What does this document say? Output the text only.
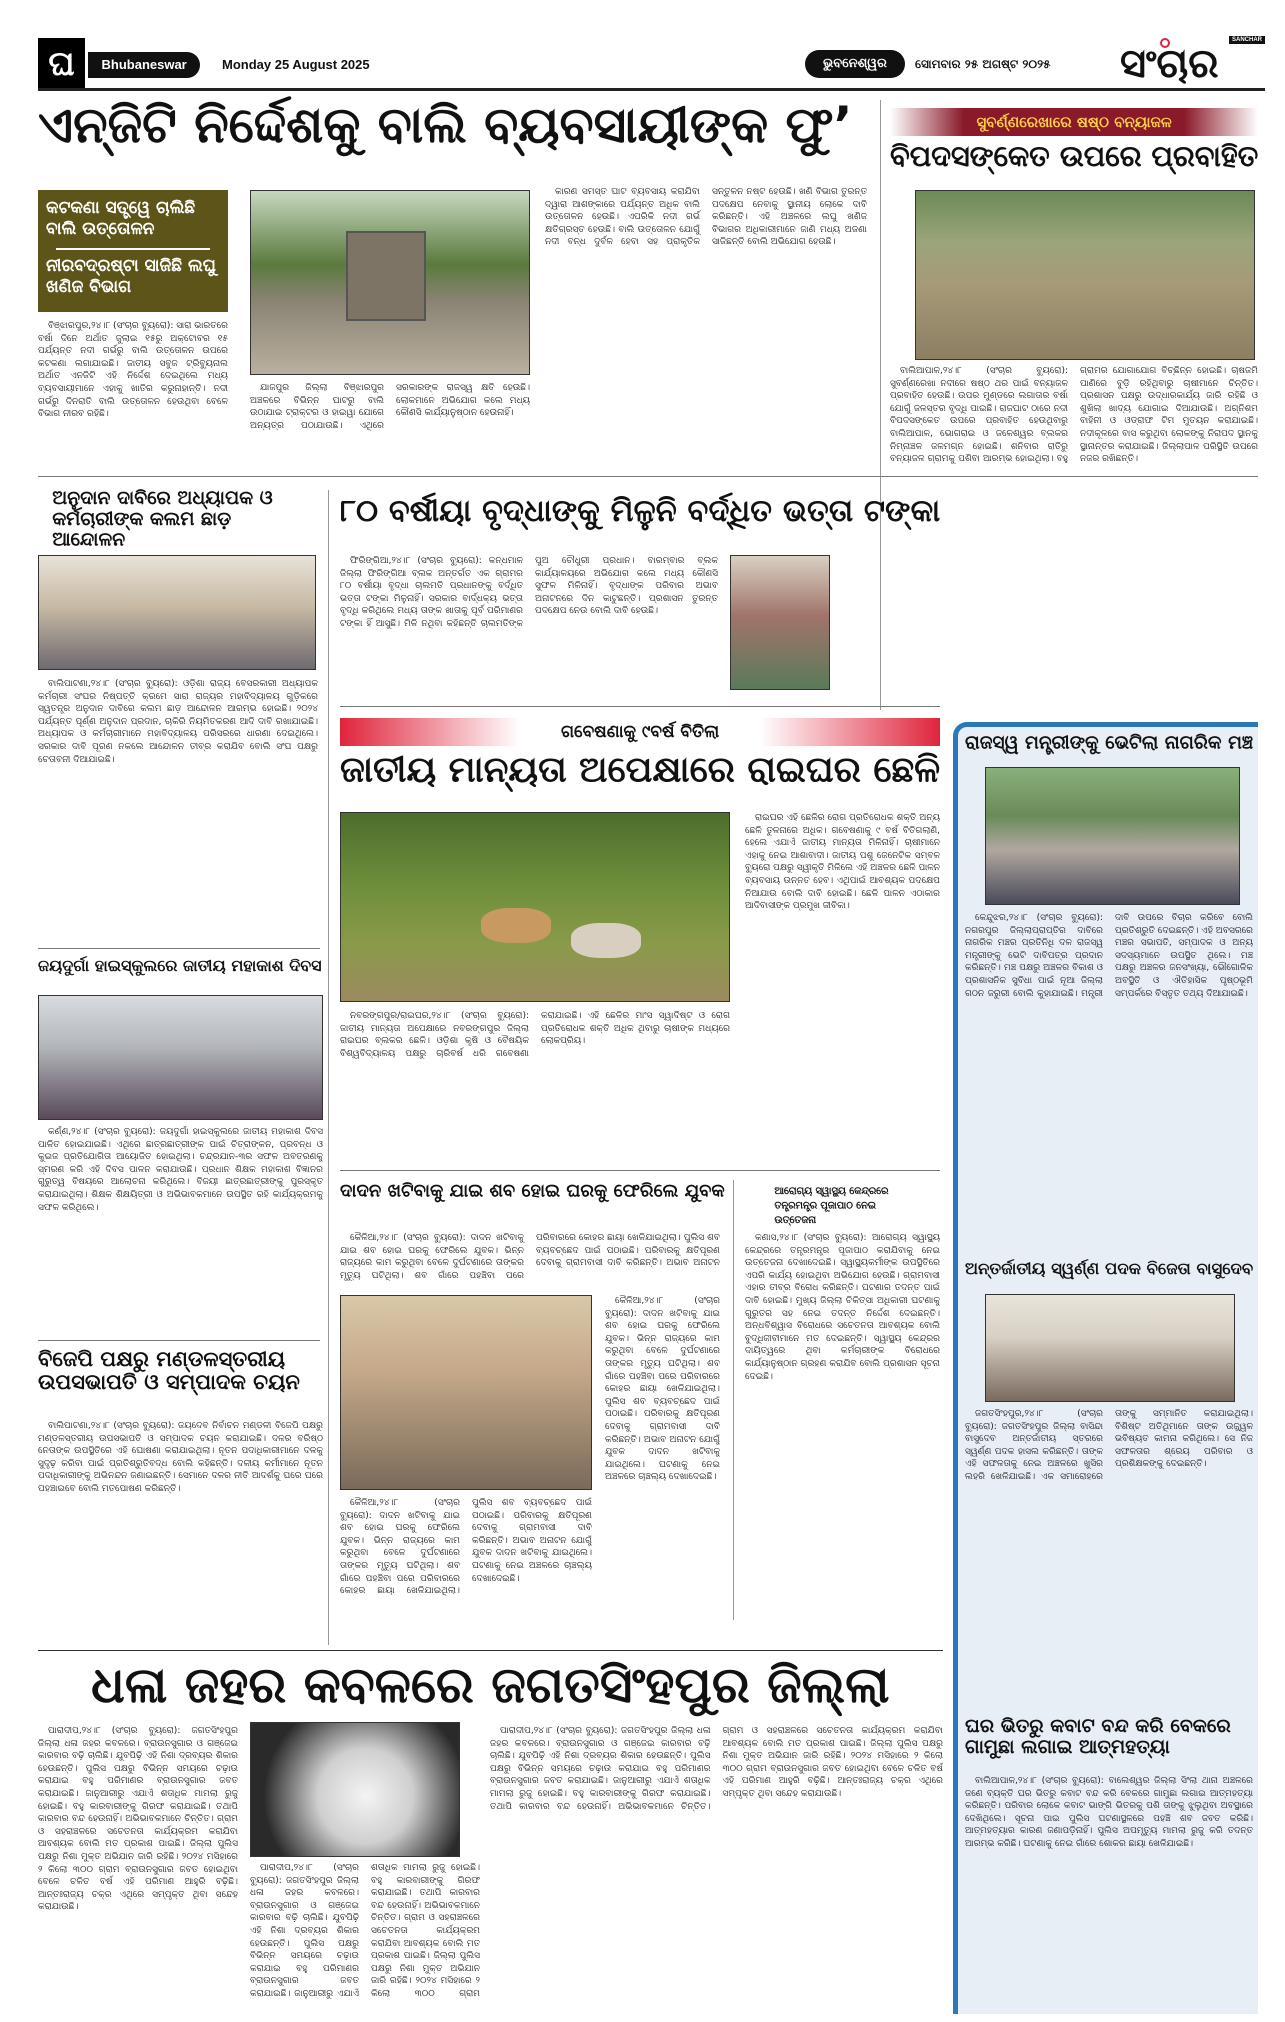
ଘ	Bhubaneswar	Monday 25 August 2025	ଭୁବନେଶ୍ୱର	ସୋମବାର ୨୫ ଅଗଷ୍ଟ ୨୦୨୫
SANCHAR
ସଂଚାର
ଏନ୍‌ଜିଟି ନିର୍ଦ୍ଦେଶକୁ ବାଲି ବ୍ୟବସାୟୀଙ୍କ ଫୁ’
କଟକଣା ସତ୍ତ୍ୱେ ଚାଲିଛି ବାଲି ଉତ୍ତୋଳନ
ନୀରବଦ୍ରଷ୍ଟା ସାଜିଛି ଲଘୁ ଖଣିଜ ବିଭାଗ

ବିଞ୍ଝାରପୁର,୨୪।୮ (ସଂଚାର ବ୍ୟୁରୋ): ସାରା ଭାରତରେ ବର୍ଷା ଦିନେ ଅର୍ଥାତ ଜୁଲାଇ ୧୫ରୁ ଅକ୍ଟୋବର ୧୫ ପର୍ଯ୍ୟନ୍ତ ନଦୀ ଗର୍ଭରୁ ବାଲି ଉତ୍ତୋଳନ ଉପରେ କଟକଣା ଲଗାଯାଇଛି। ଜାତୀୟ ସବୁଜ ଟ୍ରିବ୍ୟୁନାଲ ଅର୍ଥାତ ଏନଜିଟି ଏହି ନିର୍ଦ୍ଦେଶ ଦେଇଥିଲେ ମଧ୍ୟ ବ୍ୟବସାୟୀମାନେ ଏହାକୁ ଖାତିର କରୁନାହାନ୍ତି। ନଦୀ ଗର୍ଭରୁ ଦିନରାତି ବାଲି ଉତ୍ତୋଳନ ହେଉଥିବା ବେଳେ ବିଭାଗ ନୀରବ ରହିଛି।

ଯାଜପୁର ଜିଲ୍ଲା ବିଞ୍ଝାରପୁର ଅଞ୍ଚଳରେ ବିଭିନ୍ନ ଘାଟରୁ ବାଲି ଉଠାଯାଇ ଟ୍ରାକ୍ଟର ଓ ହାଇୱା ଯୋଗେ ଅନ୍ୟତ୍ର ପଠାଯାଉଛି। ଏଥିରେ ସରକାରଙ୍କ ରାଜସ୍ୱ କ୍ଷତି ହେଉଛି। ଲୋକମାନେ ଅଭିଯୋଗ କଲେ ମଧ୍ୟ କୌଣସି କାର୍ଯ୍ୟାନୁଷ୍ଠାନ ହେଉନାହିଁ।

କାରଣ ସମସ୍ତ ଘାଟ ବ୍ୟବସାୟ କରାଯିବା ଦ୍ୱାରା ଆଶଙ୍କାରେ ପର୍ଯ୍ୟନ୍ତ ଅଧିକ ବାଲି ଉତ୍ତୋଳନ ହେଉଛି। ଏପରିକି ନଦୀ ଗର୍ଭ କ୍ଷତିଗ୍ରସ୍ତ ହେଉଛି। ବାଲି ଉତ୍ତୋଳନ ଯୋଗୁଁ ନଦୀ ବନ୍ଧ ଦୁର୍ବଳ ହେବା ସହ ପ୍ରାକୃତିକ ସନ୍ତୁଳନ ନଷ୍ଟ ହେଉଛି। ଖଣି ବିଭାଗ ତୁରନ୍ତ ପଦକ୍ଷେପ ନେବାକୁ ସ୍ଥାନୀୟ ଲୋକେ ଦାବି କରିଛନ୍ତି। ଏହି ଅଞ୍ଚଳରେ ଲଘୁ ଖଣିଜ ବିଭାଗର ଅଧିକାରୀମାନେ ଜାଣି ମଧ୍ୟ ଅଜଣା ସାଜିଛନ୍ତି ବୋଲି ଅଭିଯୋଗ ହେଉଛି।

ସୁବର୍ଣ୍ଣରେଖାରେ ଷଷ୍ଠ ବନ୍ୟାଜଳ
ବିପଦସଙ୍କେତ ଉପରେ ପ୍ରବାହିତ

ବାଲିଆପାଳ,୨୪।୮ (ସଂଚାର ବ୍ୟୁରୋ): ସୁବର୍ଣ୍ଣରେଖା ନଦୀରେ ଷଷ୍ଠ ଥର ପାଇଁ ବନ୍ୟାଜଳ ପ୍ରବାହିତ ହେଉଛି। ଉପର ମୁଣ୍ଡରେ ଲଗାତାର ବର୍ଷା ଯୋଗୁଁ ଜଳସ୍ତର ବୃଦ୍ଧି ପାଇଛି। ରାଜଘାଟ ଠାରେ ନଦୀ ବିପଦସଙ୍କେତ ଉପରେ ପ୍ରବାହିତ ହେଉଥିବାରୁ ବାଲିଆପାଳ, ଭୋଗରାଇ ଓ ଜଳେଶ୍ୱର ବ୍ଲକର ନିମ୍ନାଞ୍ଚଳ ଜଳମଗ୍ନ ହୋଇଛି। ଶନିବାର ରାତିରୁ ବନ୍ୟାଜଳ ଗ୍ରାମକୁ ପଶିବା ଆରମ୍ଭ ହୋଇଥିଲା। ବହୁ ଗ୍ରାମର ଯୋଗାଯୋଗ ବିଚ୍ଛିନ୍ନ ହୋଇଛି। ଚାଷଜମି ପାଣିରେ ବୁଡ଼ି ରହିଥିବାରୁ ଚାଷୀମାନେ ଚିନ୍ତିତ। ପ୍ରଶାସନ ପକ୍ଷରୁ ଉଦ୍ଧାରକାର୍ଯ୍ୟ ଜାରି ରହିଛି ଓ ଶୁଖିଲା ଖାଦ୍ୟ ଯୋଗାଇ ଦିଆଯାଉଛି। ଅଗ୍ନିଶମ ବାହିନୀ ଓ ଓଡ୍ରାଫ ଟିମ ମୁତୟନ କରାଯାଇଛି। ନଦୀକୂଳରେ ବାସ କରୁଥିବା ଲୋକଙ୍କୁ ନିରାପଦ ସ୍ଥାନକୁ ସ୍ଥାନାନ୍ତର କରାଯାଇଛି। ଜିଲ୍ଲାପାଳ ପରିସ୍ଥିତି ଉପରେ ନଜର ରଖିଛନ୍ତି।

ଅନୁଦାନ ଦାବିରେ ଅଧ୍ୟାପକ ଓ କର୍ମଚାରୀଙ୍କ କଲମ ଛାଡ଼ ଆନ୍ଦୋଳନ

ବାଲିପାଟଣା,୨୪।୮ (ସଂଚାର ବ୍ୟୁରୋ): ଓଡ଼ିଶା ରାଜ୍ୟ ବେସରକାରୀ ଅଧ୍ୟାପକ କର୍ମଚାରୀ ସଂଘର ନିଷ୍ପତ୍ତି କ୍ରମେ ସାରା ରାଜ୍ୟର ମହାବିଦ୍ୟାଳୟ ଗୁଡ଼ିକରେ ସ୍ୱତନ୍ତ୍ର ଅନୁଦାନ ଦାବିରେ କଲମ ଛାଡ଼ ଆନ୍ଦୋଳନ ଆରମ୍ଭ ହୋଇଛି। ୨୦୨୪ ପର୍ଯ୍ୟନ୍ତ ପୂର୍ଣ୍ଣ ଅନୁଦାନ ପ୍ରଦାନ, ଚାକିରି ନିୟମିତକରଣ ଆଦି ଦାବି ରଖାଯାଇଛି। ଅଧ୍ୟାପକ ଓ କର୍ମଚାରୀମାନେ ମହାବିଦ୍ୟାଳୟ ପରିସରରେ ଧାରଣା ଦେଇଥିଲେ। ସରକାର ଦାବି ପୂରଣ ନକଲେ ଆନ୍ଦୋଳନ ତୀବ୍ର କରାଯିବ ବୋଲି ସଂଘ ପକ୍ଷରୁ ଚେତାବନୀ ଦିଆଯାଇଛି।

୮୦ ବର୍ଷୀୟା ବୃଦ୍ଧାଙ୍କୁ ମିଳୁନି ବର୍ଦ୍ଧିତ ଭତ୍ତା ଟଙ୍କା

ଫିରିଙ୍ଗିଆ,୨୪।୮ (ସଂଚାର ବ୍ୟୁରୋ): କନ୍ଧମାଳ ଜିଲ୍ଲା ଫିରିଙ୍ଗିଆ ବ୍ଲକ ଅନ୍ତର୍ଗତ ଏକ ଗ୍ରାମର ୮୦ ବର୍ଷୀୟା ବୃଦ୍ଧା ଚାଲମତି ପ୍ରଧାନଙ୍କୁ ବର୍ଦ୍ଧିତ ଭତ୍ତା ଟଙ୍କା ମିଳୁନାହିଁ। ସରକାର ବାର୍ଦ୍ଧକ୍ୟ ଭତ୍ତା ବୃଦ୍ଧି କରିଥିଲେ ମଧ୍ୟ ତାଙ୍କ ଖାତାକୁ ପୂର୍ବ ପରିମାଣର ଟଙ୍କା ହିଁ ଆସୁଛି। ମିଳି ନଥିବା କହିଛନ୍ତି ଚାଲମତିଙ୍କ ପୁଅ ଚୌଧୁରୀ ପ୍ରଧାନ। ବାରମ୍ବାର ବ୍ଲକ କାର୍ଯ୍ୟାଳୟରେ ଅଭିଯୋଗ କଲେ ମଧ୍ୟ କୌଣସି ସୁଫଳ ମିଳିନାହିଁ। ବୃଦ୍ଧାଙ୍କ ପରିବାର ଅଭାବ ଅନାଟନରେ ଦିନ କାଟୁଛନ୍ତି। ପ୍ରଶାସନ ତୁରନ୍ତ ପଦକ୍ଷେପ ନେଉ ବୋଲି ଦାବି ହେଉଛି।

ଗବେଷଣାକୁ ୯ବର୍ଷ ବିତିଲା
ଜାତୀୟ ମାନ୍ୟତା ଅପେକ୍ଷାରେ ରାଇଘର ଛେଳି

ନବରଙ୍ଗପୁର/ରାଇଘର,୨୪।୮ (ସଂଚାର ବ୍ୟୁରୋ): ଜାତୀୟ ମାନ୍ୟତା ଅପେକ୍ଷାରେ ନବରଙ୍ଗପୁର ଜିଲ୍ଲା ରାଇଘର ବ୍ଲକର ଛେଳି। ଓଡ଼ିଶା କୃଷି ଓ ବୈଷୟିକ ବିଶ୍ୱବିଦ୍ୟାଳୟ ପକ୍ଷରୁ ଚାରିବର୍ଷ ଧରି ଗବେଷଣା କରାଯାଇଛି। ଏହି ଛେଳିର ମାଂସ ସ୍ୱାଦିଷ୍ଟ ଓ ରୋଗ ପ୍ରତିରୋଧକ ଶକ୍ତି ଅଧିକ ଥିବାରୁ ଚାଷୀଙ୍କ ମଧ୍ୟରେ ଲୋକପ୍ରିୟ।

ରାଇଘର ଏହି ଛେଳିର ରୋଗ ପ୍ରତିରୋଧକ ଶକ୍ତି ଅନ୍ୟ ଛେଳି ତୁଳନାରେ ଅଧିକ। ଗବେଷଣାକୁ ୯ ବର୍ଷ ବିତିଗଲାଣି, ହେଲେ ଏଯାଏଁ ଜାତୀୟ ମାନ୍ୟତା ମିଳିନାହିଁ। ଚାଷୀମାନେ ଏହାକୁ ନେଇ ଆଶାବାଦୀ। ଜାତୀୟ ପଶୁ ଜେନେଟିକ ସମ୍ବଳ ବ୍ୟୁରୋ ପକ୍ଷରୁ ସ୍ୱୀକୃତି ମିଳିଲେ ଏହି ଅଞ୍ଚଳର ଛେଳି ପାଳନ ବ୍ୟବସାୟ ଉନ୍ନତ ହେବ। ଏଥିପାଇଁ ଆବଶ୍ୟକ ପଦକ୍ଷେପ ନିଆଯାଉ ବୋଲି ଦାବି ହୋଇଛି। ଛେଳି ପାଳନ ଏଠାକାର ଆଦିବାସୀଙ୍କ ପ୍ରମୁଖ ଜୀବିକା।

ରାଜସ୍ୱ ମନ୍ତ୍ରୀଙ୍କୁ ଭେଟିଲା ନାଗରିକ ମଞ୍ଚ

କେନ୍ଦୁଝର,୨୪।୮ (ସଂଚାର ବ୍ୟୁରୋ): ନଗରପୁର ଜିଲ୍ଲାପ୍ରାପ୍ତିର ଦାବିରେ ନାଗରିକ ମଞ୍ଚର ପ୍ରତିନିଧି ଦଳ ରାଜସ୍ୱ ମନ୍ତ୍ରୀଙ୍କୁ ଭେଟି ଦାବିପତ୍ର ପ୍ରଦାନ କରିଛନ୍ତି। ମଞ୍ଚ ପକ୍ଷରୁ ଅଞ୍ଚଳର ବିକାଶ ଓ ପ୍ରଶାସନିକ ସୁବିଧା ପାଇଁ ନୂଆ ଜିଲ୍ଲା ଗଠନ ଜରୁରୀ ବୋଲି କୁହାଯାଇଛି। ମନ୍ତ୍ରୀ ଦାବି ଉପରେ ବିଚାର କରିବେ ବୋଲି ପ୍ରତିଶ୍ରୁତି ଦେଇଛନ୍ତି। ଏହି ଅବସରରେ ମଞ୍ଚର ସଭାପତି, ସମ୍ପାଦକ ଓ ଅନ୍ୟ ସଦସ୍ୟମାନେ ଉପସ୍ଥିତ ଥିଲେ। ମଞ୍ଚ ପକ୍ଷରୁ ଅଞ୍ଚଳର ଜନସଂଖ୍ୟା, ଭୌଗୋଳିକ ଅବସ୍ଥିତି ଓ ଐତିହାସିକ ପୃଷ୍ଠଭୂମି ସମ୍ପର୍କରେ ବିସ୍ତୃତ ତଥ୍ୟ ଦିଆଯାଇଛି।

ଅନ୍ତର୍ଜାତୀୟ ସ୍ୱର୍ଣ୍ଣ ପଦକ ବିଜେତା ବାସୁଦେବ

ଜଗତସିଂହପୁର,୨୪।୮ (ସଂଚାର ବ୍ୟୁରୋ): ଜଗତସିଂହପୁର ଜିଲ୍ଲା ବାସିନ୍ଦା ବାସୁଦେବ ଅନ୍ତର୍ଜାତୀୟ ସ୍ତରରେ ସ୍ୱର୍ଣ୍ଣ ପଦକ ହାସଲ କରିଛନ୍ତି। ତାଙ୍କ ଏହି ସଫଳତାକୁ ନେଇ ଅଞ୍ଚଳରେ ଖୁସିର ଲହରି ଖେଳିଯାଇଛି। ଏକ ସମାରୋହରେ ତାଙ୍କୁ ସମ୍ମାନିତ କରାଯାଇଥିଲା। ବିଶିଷ୍ଟ ଅତିଥିମାନେ ତାଙ୍କ ଉଜ୍ଜ୍ୱଳ ଭବିଷ୍ୟତ କାମନା କରିଥିଲେ। ସେ ନିଜ ସଫଳତାର ଶ୍ରେୟ ପରିବାର ଓ ପ୍ରଶିକ୍ଷକଙ୍କୁ ଦେଇଛନ୍ତି।

ଘର ଭିତରୁ କବାଟ ବନ୍ଦ କରି ବେକରେ ଗାମୁଛା ଲଗାଇ ଆତ୍ମହତ୍ୟା

ବାଲିଆପାଳ,୨୪।୮ (ସଂଚାର ବ୍ୟୁରୋ): ବାଲେଶ୍ୱର ଜିଲ୍ଲା ସିଂଲା ଥାନା ଅଞ୍ଚଳରେ ଜଣେ ବ୍ୟକ୍ତି ଘର ଭିତରୁ କବାଟ ବନ୍ଦ କରି ବେକରେ ଗାମୁଛା ଲଗାଇ ଆତ୍ମହତ୍ୟା କରିଛନ୍ତି। ପରିବାର ଲୋକେ କବାଟ ଭାଙ୍ଗି ଭିତରକୁ ପଶି ତାଙ୍କୁ ଝୁଲୁଥିବା ଅବସ୍ଥାରେ ଦେଖିଥିଲେ। ସୂଚନା ପାଇ ପୁଲିସ ଘଟଣାସ୍ଥଳରେ ପହଞ୍ଚି ଶବ ଜବତ କରିଛି। ଆତ୍ମହତ୍ୟାର କାରଣ ଜଣାପଡ଼ିନାହିଁ। ପୁଲିସ ଅପମୃତ୍ୟୁ ମାମଲା ରୁଜୁ କରି ତଦନ୍ତ ଆରମ୍ଭ କରିଛି। ଘଟଣାକୁ ନେଇ ଗାଁରେ ଶୋକର ଛାୟା ଖେଳିଯାଇଛି।

ଜୟଦୁର୍ଗା ହାଇସ୍କୁଲରେ ଜାତୀୟ ମହାକାଶ ଦିବସ

କର୍ଣ୍ଣ,୨୪।୮ (ସଂଚାର ବ୍ୟୁରୋ): ଜୟଦୁର୍ଗା ହାଇସ୍କୁଲରେ ଜାତୀୟ ମହାକାଶ ଦିବସ ପାଳିତ ହୋଇଯାଇଛି। ଏଥିରେ ଛାତ୍ରଛାତ୍ରୀଙ୍କ ପାଇଁ ଚିତ୍ରାଙ୍କନ, ପ୍ରବନ୍ଧ ଓ କୁଇଜ ପ୍ରତିଯୋଗିତା ଆୟୋଜିତ ହୋଇଥିଲା। ଚନ୍ଦ୍ରଯାନ-୩ର ସଫଳ ଅବତରଣକୁ ସ୍ମରଣ କରି ଏହି ଦିବସ ପାଳନ କରାଯାଉଛି। ପ୍ରଧାନ ଶିକ୍ଷକ ମହାକାଶ ବିଜ୍ଞାନର ଗୁରୁତ୍ୱ ବିଷୟରେ ଆଲୋଚନା କରିଥିଲେ। ବିଜୟୀ ଛାତ୍ରଛାତ୍ରୀଙ୍କୁ ପୁରସ୍କୃତ କରାଯାଇଥିଲା। ଶିକ୍ଷକ ଶିକ୍ଷୟିତ୍ରୀ ଓ ଅଭିଭାବକମାନେ ଉପସ୍ଥିତ ରହି କାର୍ଯ୍ୟକ୍ରମକୁ ସଫଳ କରିଥିଲେ।

ବିଜେପି ପକ୍ଷରୁ ମଣ୍ଡଳସ୍ତରୀୟ ଉପସଭାପତି ଓ ସମ୍ପାଦକ ଚୟନ

ବାଲିପାଟଣା,୨୪।୮ (ସଂଚାର ବ୍ୟୁରୋ): ଜୟଦେବ ନିର୍ବାଚନ ମଣ୍ଡଳୀ ବିଜେପି ପକ୍ଷରୁ ମଣ୍ଡଳସ୍ତରୀୟ ଉପସଭାପତି ଓ ସମ୍ପାଦକ ଚୟନ କରାଯାଇଛି। ଦଳର ବରିଷ୍ଠ ନେତାଙ୍କ ଉପସ୍ଥିତିରେ ଏହି ଘୋଷଣା କରାଯାଇଥିଲା। ନୂତନ ପଦାଧିକାରୀମାନେ ଦଳକୁ ସୁଦୃଢ଼ କରିବା ପାଇଁ ପ୍ରତିଶ୍ରୁତିବଦ୍ଧ ବୋଲି କହିଛନ୍ତି। ଦଳୀୟ କର୍ମୀମାନେ ନୂତନ ପଦାଧିକାରୀଙ୍କୁ ଅଭିନନ୍ଦନ ଜଣାଇଛନ୍ତି। ସେମାନେ ଦଳର ନୀତି ଆଦର୍ଶକୁ ଘରେ ଘରେ ପହଞ୍ଚାଇବେ ବୋଲି ମତପୋଷଣ କରିଛନ୍ତି।

ଦାଦନ ଖଟିବାକୁ ଯାଇ ଶବ ହୋଇ ଘରକୁ ଫେରିଲେ ଯୁବକ

କୈଳିଆ,୨୪।୮ (ସଂଚାର ବ୍ୟୁରୋ): ଦାଦନ ଖଟିବାକୁ ଯାଇ ଶବ ହୋଇ ଘରକୁ ଫେରିଲେ ଯୁବକ। ଭିନ୍ନ ରାଜ୍ୟରେ କାମ କରୁଥିବା ବେଳେ ଦୁର୍ଘଟଣାରେ ତାଙ୍କର ମୃତ୍ୟୁ ଘଟିଥିଲା। ଶବ ଗାଁରେ ପହଞ୍ଚିବା ପରେ ପରିବାରରେ କୋହର ଛାୟା ଖେଳିଯାଇଥିଲା। ପୁଲିସ ଶବ ବ୍ୟବଚ୍ଛେଦ ପାଇଁ ପଠାଇଛି। ପରିବାରକୁ କ୍ଷତିପୂରଣ ଦେବାକୁ ଗ୍ରାମବାସୀ ଦାବି କରିଛନ୍ତି। ଅଭାବ ଅନାଟନ

କୈଳିଆ,୨୪।୮ (ସଂଚାର ବ୍ୟୁରୋ): ଦାଦନ ଖଟିବାକୁ ଯାଇ ଶବ ହୋଇ ଘରକୁ ଫେରିଲେ ଯୁବକ। ଭିନ୍ନ ରାଜ୍ୟରେ କାମ କରୁଥିବା ବେଳେ ଦୁର୍ଘଟଣାରେ ତାଙ୍କର ମୃତ୍ୟୁ ଘଟିଥିଲା। ଶବ ଗାଁରେ ପହଞ୍ଚିବା ପରେ ପରିବାରରେ କୋହର ଛାୟା ଖେଳିଯାଇଥିଲା। ପୁଲିସ ଶବ ବ୍ୟବଚ୍ଛେଦ ପାଇଁ ପଠାଇଛି। ପରିବାରକୁ କ୍ଷତିପୂରଣ ଦେବାକୁ ଗ୍ରାମବାସୀ ଦାବି କରିଛନ୍ତି। ଅଭାବ ଅନାଟନ ଯୋଗୁଁ ଯୁବକ ଦାଦନ ଖଟିବାକୁ ଯାଇଥିଲେ। ଘଟଣାକୁ ନେଇ ଅଞ୍ଚଳରେ ଚାଞ୍ଚଲ୍ୟ ଦେଖାଦେଇଛି।

କୈଳିଆ,୨୪।୮ (ସଂଚାର ବ୍ୟୁରୋ): ଦାଦନ ଖଟିବାକୁ ଯାଇ ଶବ ହୋଇ ଘରକୁ ଫେରିଲେ ଯୁବକ। ଭିନ୍ନ ରାଜ୍ୟରେ କାମ କରୁଥିବା ବେଳେ ଦୁର୍ଘଟଣାରେ ତାଙ୍କର ମୃତ୍ୟୁ ଘଟିଥିଲା। ଶବ ଗାଁରେ ପହଞ୍ଚିବା ପରେ ପରିବାରରେ କୋହର ଛାୟା ଖେଳିଯାଇଥିଲା। ପୁଲିସ ଶବ ବ୍ୟବଚ୍ଛେଦ ପାଇଁ ପଠାଇଛି। ପରିବାରକୁ କ୍ଷତିପୂରଣ ଦେବାକୁ ଗ୍ରାମବାସୀ ଦାବି କରିଛନ୍ତି। ଅଭାବ ଅନାଟନ ଯୋଗୁଁ ଯୁବକ ଦାଦନ ଖଟିବାକୁ ଯାଇଥିଲେ। ଘଟଣାକୁ ନେଇ ଅଞ୍ଚଳରେ ଚାଞ୍ଚଲ୍ୟ ଦେଖାଦେଇଛି।

ଆରୋଗ୍ୟ ସ୍ୱାସ୍ଥ୍ୟ କେନ୍ଦ୍ରରେ ତନ୍ତ୍ରମନ୍ତ୍ର ପୂଜାପାଠ ନେଇ ଉତ୍ତେଜନା

କଣାସ,୨୪।୮ (ସଂଚାର ବ୍ୟୁରୋ): ଆରୋଗ୍ୟ ସ୍ୱାସ୍ଥ୍ୟ କେନ୍ଦ୍ରରେ ତନ୍ତ୍ରମନ୍ତ୍ର ପୂଜାପାଠ କରାଯିବାକୁ ନେଇ ଉତ୍ତେଜନା ଦେଖାଦେଇଛି। ସ୍ୱାସ୍ଥ୍ୟକର୍ମୀଙ୍କ ଉପସ୍ଥିତିରେ ଏପରି କାର୍ଯ୍ୟ ହୋଇଥିବା ଅଭିଯୋଗ ହେଉଛି। ଗ୍ରାମବାସୀ ଏହାର ତୀବ୍ର ବିରୋଧ କରିଛନ୍ତି। ଘଟଣାର ତଦନ୍ତ ପାଇଁ ଦାବି ହୋଇଛି। ମୁଖ୍ୟ ଜିଲ୍ଲା ଚିକିତ୍ସା ଅଧିକାରୀ ଘଟଣାକୁ ଗୁରୁତର ସହ ନେଇ ତଦନ୍ତ ନିର୍ଦ୍ଦେଶ ଦେଇଛନ୍ତି। ଅନ୍ଧବିଶ୍ୱାସ ବିରୋଧରେ ସଚେତନତା ଆବଶ୍ୟକ ବୋଲି ବୁଦ୍ଧିଜୀବୀମାନେ ମତ ଦେଇଛନ୍ତି। ସ୍ୱାସ୍ଥ୍ୟ କେନ୍ଦ୍ରର ଦାୟିତ୍ୱରେ ଥିବା କର୍ମଚାରୀଙ୍କ ବିରୋଧରେ କାର୍ଯ୍ୟାନୁଷ୍ଠାନ ଗ୍ରହଣ କରାଯିବ ବୋଲି ପ୍ରଶାସନ ସୂଚନା ଦେଇଛି।

ଧଳା ଜହର କବଳରେ ଜଗତସିଂହପୁର ଜିଲ୍ଲା

ପାରାଦୀପ,୨୪।୮ (ସଂଚାର ବ୍ୟୁରୋ): ଜଗତସିଂହପୁର ଜିଲ୍ଲା ଧଳା ଜହର କବଳରେ। ବ୍ରାଉନସୁଗାର ଓ ଗଞ୍ଜେଇ କାରବାର ବଢ଼ି ଚାଲିଛି। ଯୁବପିଢ଼ି ଏହି ନିଶା ଦ୍ରବ୍ୟର ଶିକାର ହେଉଛନ୍ତି। ପୁଲିସ ପକ୍ଷରୁ ବିଭିନ୍ନ ସମୟରେ ଚଢ଼ାଉ କରାଯାଇ ବହୁ ପରିମାଣର ବ୍ରାଉନସୁଗାର ଜବତ କରାଯାଇଛି। ଜାନୁଆରୀରୁ ଏଯାଏଁ ଶତାଧିକ ମାମଲା ରୁଜୁ ହୋଇଛି। ବହୁ କାରବାରୀଙ୍କୁ ଗିରଫ କରାଯାଇଛି। ତଥାପି କାରବାର ବନ୍ଦ ହେଉନାହିଁ। ଅଭିଭାବକମାନେ ଚିନ୍ତିତ। ଗ୍ରାମ ଓ ସହରାଞ୍ଚଳରେ ସଚେତନତା କାର୍ଯ୍ୟକ୍ରମ କରାଯିବା ଆବଶ୍ୟକ ବୋଲି ମତ ପ୍ରକାଶ ପାଇଛି। ଜିଲ୍ଲା ପୁଲିସ ପକ୍ଷରୁ ନିଶା ମୁକ୍ତ ଅଭିଯାନ ଜାରି ରହିଛି। ୨୦୨୪ ମସିହାରେ ୨ କିଲୋ ୩୦୦ ଗ୍ରାମ ବ୍ରାଉନସୁଗାର ଜବତ ହୋଇଥିବା ବେଳେ ଚଳିତ ବର୍ଷ ଏହି ପରିମାଣ ଆହୁରି ବଢ଼ିଛି। ଆନ୍ତଃରାଜ୍ୟ ଚକ୍ର ଏଥିରେ ସମ୍ପୃକ୍ତ ଥିବା ସନ୍ଦେହ କରାଯାଉଛି।

ପାରାଦୀପ,୨୪।୮ (ସଂଚାର ବ୍ୟୁରୋ): ଜଗତସିଂହପୁର ଜିଲ୍ଲା ଧଳା ଜହର କବଳରେ। ବ୍ରାଉନସୁଗାର ଓ ଗଞ୍ଜେଇ କାରବାର ବଢ଼ି ଚାଲିଛି। ଯୁବପିଢ଼ି ଏହି ନିଶା ଦ୍ରବ୍ୟର ଶିକାର ହେଉଛନ୍ତି। ପୁଲିସ ପକ୍ଷରୁ ବିଭିନ୍ନ ସମୟରେ ଚଢ଼ାଉ କରାଯାଇ ବହୁ ପରିମାଣର ବ୍ରାଉନସୁଗାର ଜବତ କରାଯାଇଛି। ଜାନୁଆରୀରୁ ଏଯାଏଁ ଶତାଧିକ ମାମଲା ରୁଜୁ ହୋଇଛି। ବହୁ କାରବାରୀଙ୍କୁ ଗିରଫ କରାଯାଇଛି। ତଥାପି କାରବାର ବନ୍ଦ ହେଉନାହିଁ। ଅଭିଭାବକମାନେ ଚିନ୍ତିତ। ଗ୍ରାମ ଓ ସହରାଞ୍ଚଳରେ ସଚେତନତା କାର୍ଯ୍ୟକ୍ରମ କରାଯିବା ଆବଶ୍ୟକ ବୋଲି ମତ ପ୍ରକାଶ ପାଇଛି। ଜିଲ୍ଲା ପୁଲିସ ପକ୍ଷରୁ ନିଶା ମୁକ୍ତ ଅଭିଯାନ ଜାରି ରହିଛି। ୨୦୨୪ ମସିହାରେ ୨ କିଲୋ ୩୦୦ ଗ୍ରାମ

ପାରାଦୀପ,୨୪।୮ (ସଂଚାର ବ୍ୟୁରୋ): ଜଗତସିଂହପୁର ଜିଲ୍ଲା ଧଳା ଜହର କବଳରେ। ବ୍ରାଉନସୁଗାର ଓ ଗଞ୍ଜେଇ କାରବାର ବଢ଼ି ଚାଲିଛି। ଯୁବପିଢ଼ି ଏହି ନିଶା ଦ୍ରବ୍ୟର ଶିକାର ହେଉଛନ୍ତି। ପୁଲିସ ପକ୍ଷରୁ ବିଭିନ୍ନ ସମୟରେ ଚଢ଼ାଉ କରାଯାଇ ବହୁ ପରିମାଣର ବ୍ରାଉନସୁଗାର ଜବତ କରାଯାଇଛି। ଜାନୁଆରୀରୁ ଏଯାଏଁ ଶତାଧିକ ମାମଲା ରୁଜୁ ହୋଇଛି। ବହୁ କାରବାରୀଙ୍କୁ ଗିରଫ କରାଯାଇଛି। ତଥାପି କାରବାର ବନ୍ଦ ହେଉନାହିଁ। ଅଭିଭାବକମାନେ ଚିନ୍ତିତ। ଗ୍ରାମ ଓ ସହରାଞ୍ଚଳରେ ସଚେତନତା କାର୍ଯ୍ୟକ୍ରମ କରାଯିବା ଆବଶ୍ୟକ ବୋଲି ମତ ପ୍ରକାଶ ପାଇଛି। ଜିଲ୍ଲା ପୁଲିସ ପକ୍ଷରୁ ନିଶା ମୁକ୍ତ ଅଭିଯାନ ଜାରି ରହିଛି। ୨୦୨୪ ମସିହାରେ ୨ କିଲୋ ୩୦୦ ଗ୍ରାମ ବ୍ରାଉନସୁଗାର ଜବତ ହୋଇଥିବା ବେଳେ ଚଳିତ ବର୍ଷ ଏହି ପରିମାଣ ଆହୁରି ବଢ଼ିଛି। ଆନ୍ତଃରାଜ୍ୟ ଚକ୍ର ଏଥିରେ ସମ୍ପୃକ୍ତ ଥିବା ସନ୍ଦେହ କରାଯାଉଛି।
